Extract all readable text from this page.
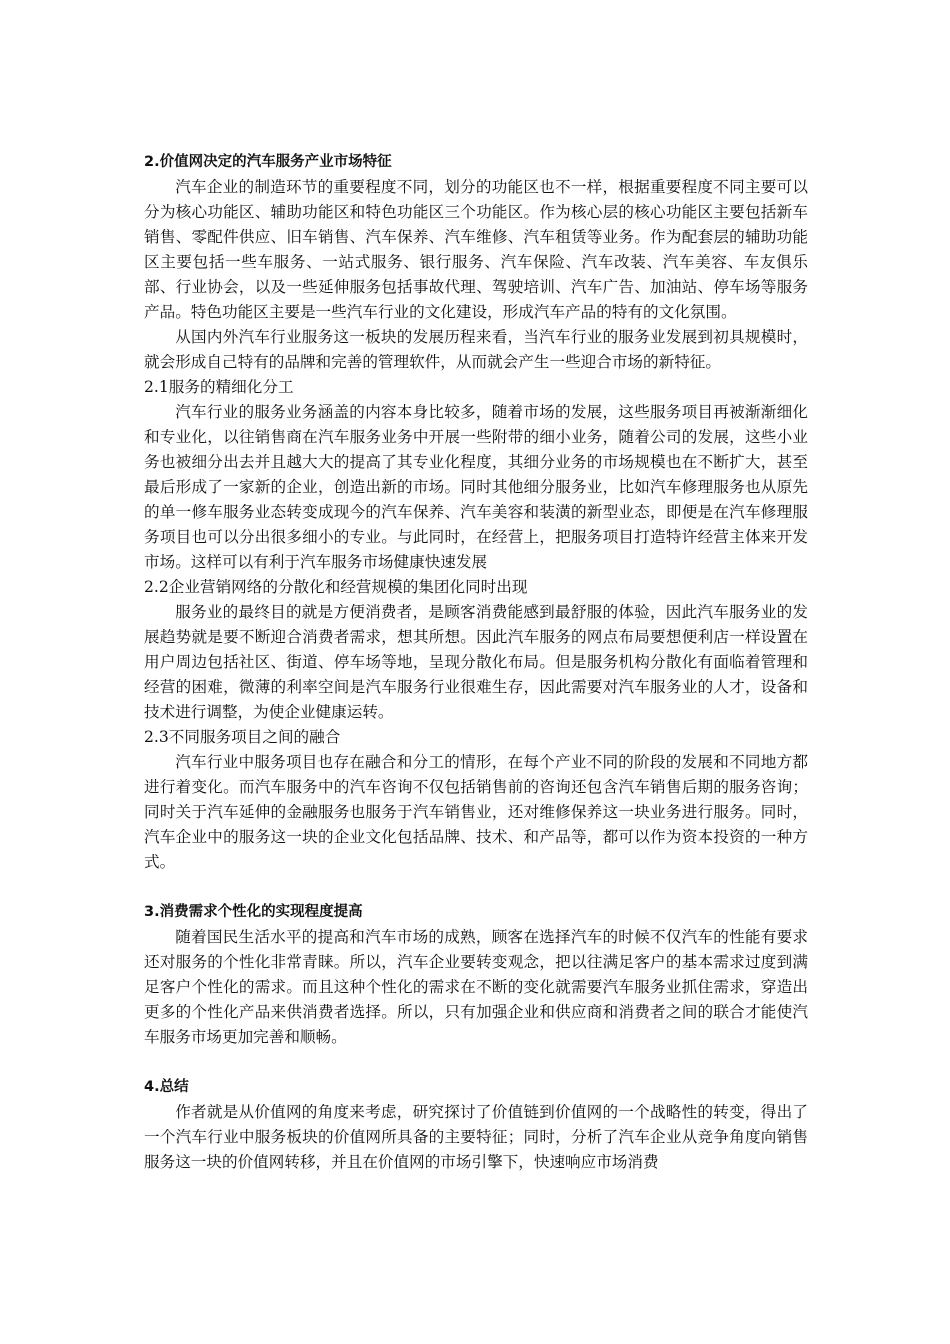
2.价值网决定的汽车服务产业市场特征

汽车企业的制造环节的重要程度不同，划分的功能区也不一样，根据重要程度不同主要可以分为核心功能区、辅助功能区和特色功能区三个功能区。作为核心层的核心功能区主要包括新车销售、零配件供应、旧车销售、汽车保养、汽车维修、汽车租赁等业务。作为配套层的辅助功能区主要包括一些车服务、一站式服务、银行服务、汽车保险、汽车改装、汽车美容、车友俱乐部、行业协会，以及一些延伸服务包括事故代理、驾驶培训、汽车广告、加油站、停车场等服务产品。特色功能区主要是一些汽车行业的文化建设，形成汽车产品的特有的文化氛围。

从国内外汽车行业服务这一板块的发展历程来看，当汽车行业的服务业发展到初具规模时，就会形成自己特有的品牌和完善的管理软件，从而就会产生一些迎合市场的新特征。

2.1服务的精细化分工

汽车行业的服务业务涵盖的内容本身比较多，随着市场的发展，这些服务项目再被渐渐细化和专业化，以往销售商在汽车服务业务中开展一些附带的细小业务，随着公司的发展，这些小业务也被细分出去并且越大大的提高了其专业化程度，其细分业务的市场规模也在不断扩大，甚至最后形成了一家新的企业，创造出新的市场。同时其他细分服务业，比如汽车修理服务也从原先的单一修车服务业态转变成现今的汽车保养、汽车美容和装潢的新型业态，即便是在汽车修理服务项目也可以分出很多细小的专业。与此同时，在经营上，把服务项目打造特许经营主体来开发市场。这样可以有利于汽车服务市场健康快速发展

2.2企业营销网络的分散化和经营规模的集团化同时出现

服务业的最终目的就是方便消费者，是顾客消费能感到最舒服的体验，因此汽车服务业的发展趋势就是要不断迎合消费者需求，想其所想。因此汽车服务的网点布局要想便利店一样设置在用户周边包括社区、街道、停车场等地，呈现分散化布局。但是服务机构分散化有面临着管理和经营的困难，微薄的利率空间是汽车服务行业很难生存，因此需要对汽车服务业的人才，设备和技术进行调整，为使企业健康运转。

2.3不同服务项目之间的融合

汽车行业中服务项目也存在融合和分工的情形，在每个产业不同的阶段的发展和不同地方都进行着变化。而汽车服务中的汽车咨询不仅包括销售前的咨询还包含汽车销售后期的服务咨询；同时关于汽车延伸的金融服务也服务于汽车销售业，还对维修保养这一块业务进行服务。同时，汽车企业中的服务这一块的企业文化包括品牌、技术、和产品等，都可以作为资本投资的一种方式。

3.消费需求个性化的实现程度提高

随着国民生活水平的提高和汽车市场的成熟，顾客在选择汽车的时候不仅汽车的性能有要求还对服务的个性化非常青睐。所以，汽车企业要转变观念，把以往满足客户的基本需求过度到满足客户个性化的需求。而且这种个性化的需求在不断的变化就需要汽车服务业抓住需求，穿造出更多的个性化产品来供消费者选择。所以，只有加强企业和供应商和消费者之间的联合才能使汽车服务市场更加完善和顺畅。

4.总结

作者就是从价值网的角度来考虑，研究探讨了价值链到价值网的一个战略性的转变，得出了一个汽车行业中服务板块的价值网所具备的主要特征；同时，分析了汽车企业从竞争角度向销售服务这一块的价值网转移，并且在价值网的市场引擎下，快速响应市场消费
